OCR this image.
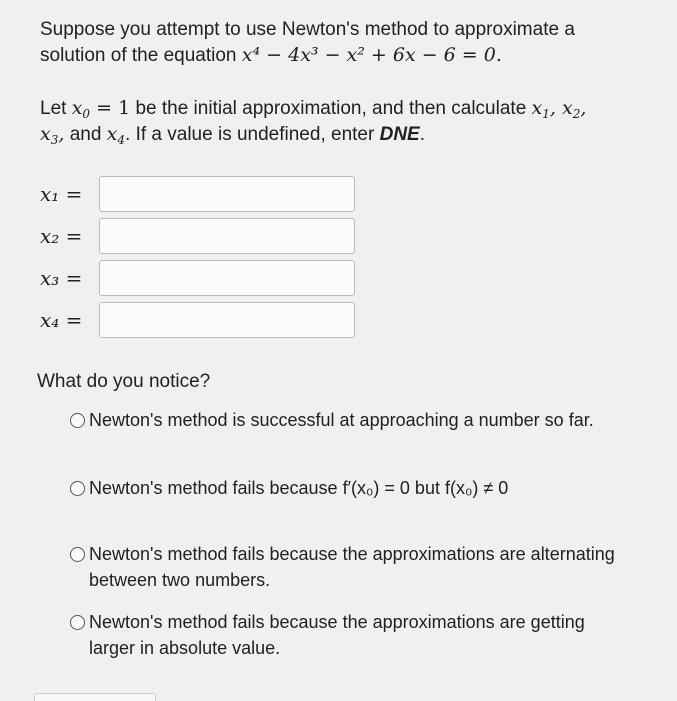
Suppose you attempt to use Newton's method to approximate a
solution of the equation x⁴ − 4x³ − x² + 6x − 6 = 0.
Let $x_0 = 1$ be the initial approximation, and then calculate $x_1$, $x_2$,
$x_3$, and $x_4$. If a value is undefined, enter DNE.
x₁ =
x₂ =
x₃ =
x₄ =
What do you notice?
Newton's method is successful at approaching a number so far.
Newton's method fails because f′(x₀) = 0 but f(x₀) ≠ 0
Newton's method fails because the approximations are alternating between two numbers.
Newton's method fails because the approximations are getting larger in absolute value.
